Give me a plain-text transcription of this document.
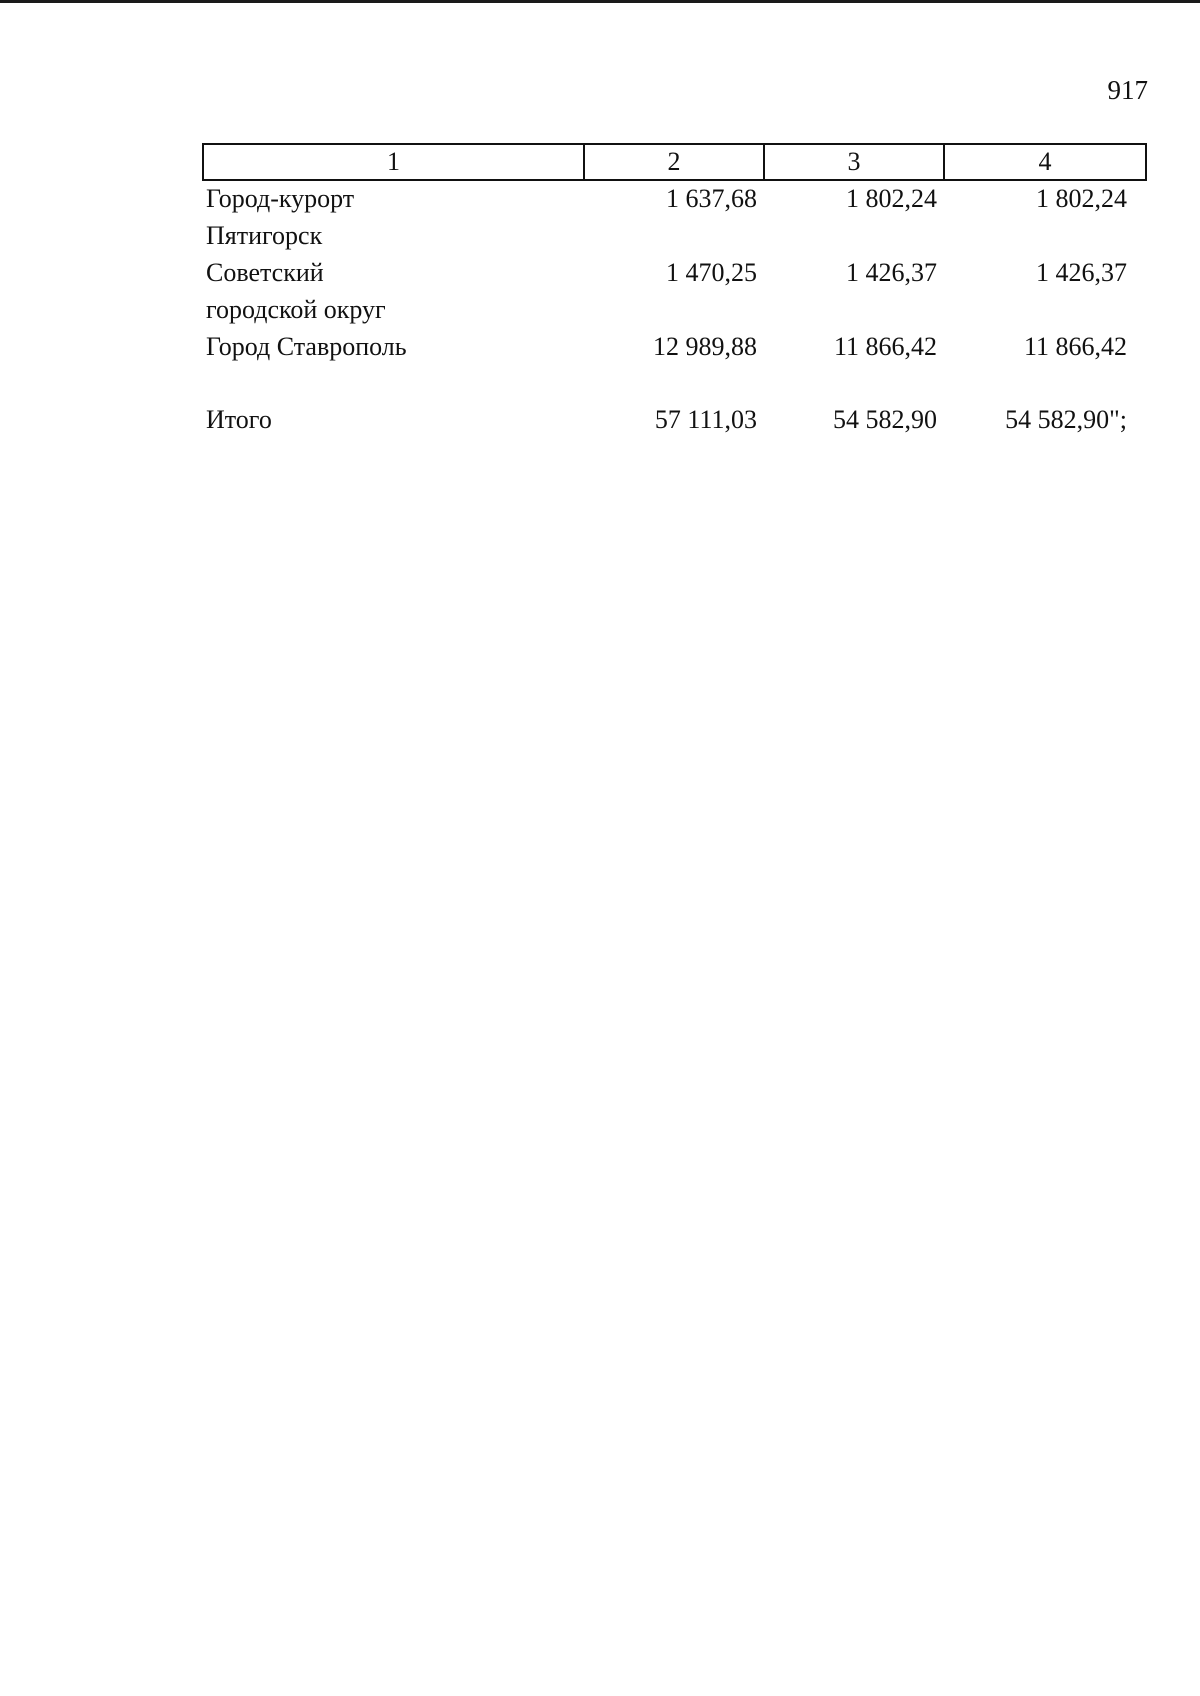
917
1	2	3	4
Город-курорт
Пятигорск	1 637,68	1 802,24	1 802,24
Советский
городской округ	1 470,25	1 426,37	1 426,37
Город Ставрополь	12 989,88	11 866,42	11 866,42

Итого	57 111,03	54 582,90	54 582,90";
